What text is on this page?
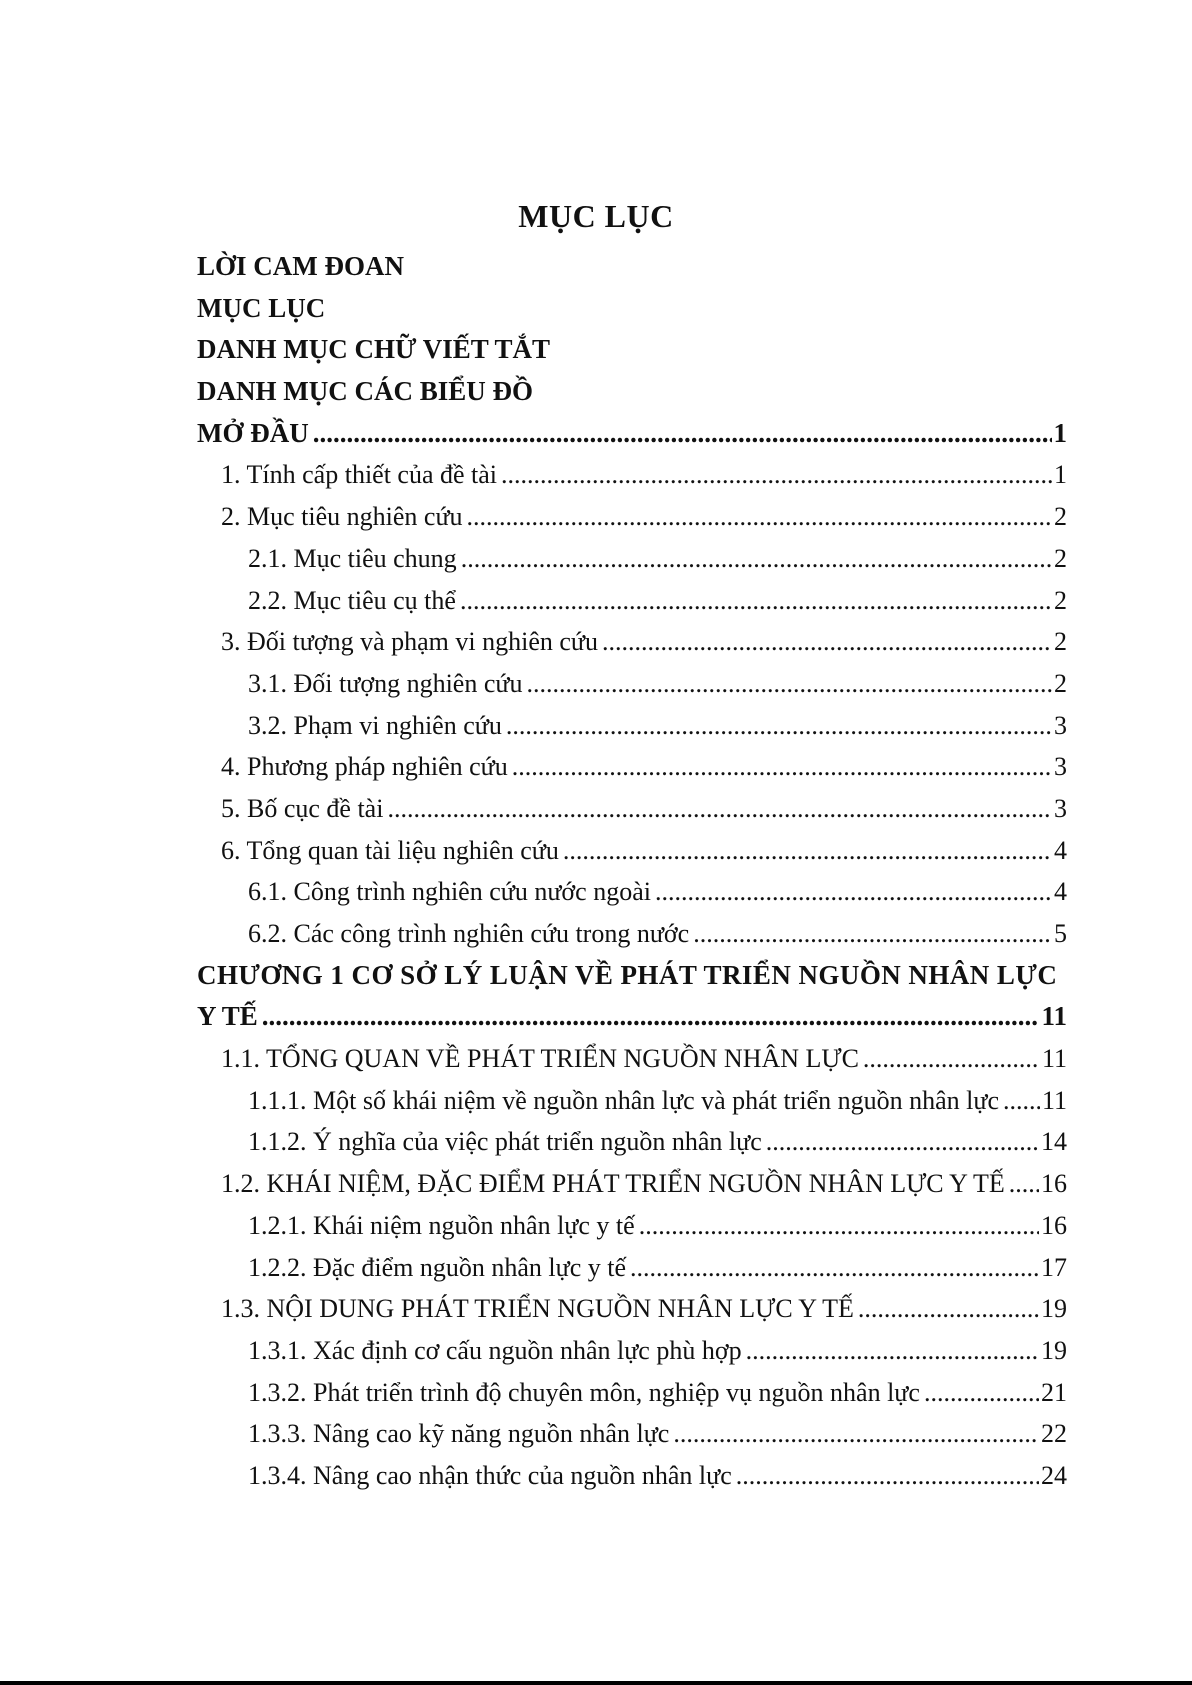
MỤC LỤC
LỜI CAM ĐOAN
MỤC LỤC
DANH MỤC CHỮ VIẾT TẮT
DANH MỤC CÁC BIỂU ĐỒ
MỞ ĐẦU .....	1
1. Tính cấp thiết của đề tài .....	1
2. Mục tiêu nghiên cứu .....	2
2.1. Mục tiêu chung .....	2
2.2. Mục tiêu cụ thể .....	2
3. Đối tượng và phạm vi nghiên cứu .....	2
3.1. Đối tượng nghiên cứu .....	2
3.2. Phạm vi nghiên cứu .....	3
4. Phương pháp nghiên cứu .....	3
5. Bố cục đề tài .....	3
6. Tổng quan tài liệu nghiên cứu .....	4
6.1. Công trình nghiên cứu nước ngoài .....	4
6.2. Các công trình nghiên cứu trong nước .....	5
CHƯƠNG 1 CƠ SỞ LÝ LUẬN VỀ PHÁT TRIỂN NGUỒN NHÂN LỰC
Y TẾ .....	11
1.1. TỔNG QUAN VỀ PHÁT TRIỂN NGUỒN NHÂN LỰC .....	11
1.1.1. Một số khái niệm về nguồn nhân lực và phát triển nguồn nhân lực ..... 11
1.1.2. Ý nghĩa của việc phát triển nguồn nhân lực .....	14
1.2. KHÁI NIỆM, ĐẶC ĐIỂM PHÁT TRIỂN NGUỒN NHÂN LỰC Y TẾ ..... 16
1.2.1. Khái niệm nguồn nhân lực y tế .....	16
1.2.2. Đặc điểm nguồn nhân lực y tế .....	17
1.3. NỘI DUNG PHÁT TRIỂN NGUỒN NHÂN LỰC Y TẾ .....	19
1.3.1. Xác định cơ cấu nguồn nhân lực phù hợp .....	19
1.3.2. Phát triển trình độ chuyên môn, nghiệp vụ nguồn nhân lực .....	21
1.3.3. Nâng cao kỹ năng nguồn nhân lực .....	22
1.3.4. Nâng cao nhận thức của nguồn nhân lực .....	24
